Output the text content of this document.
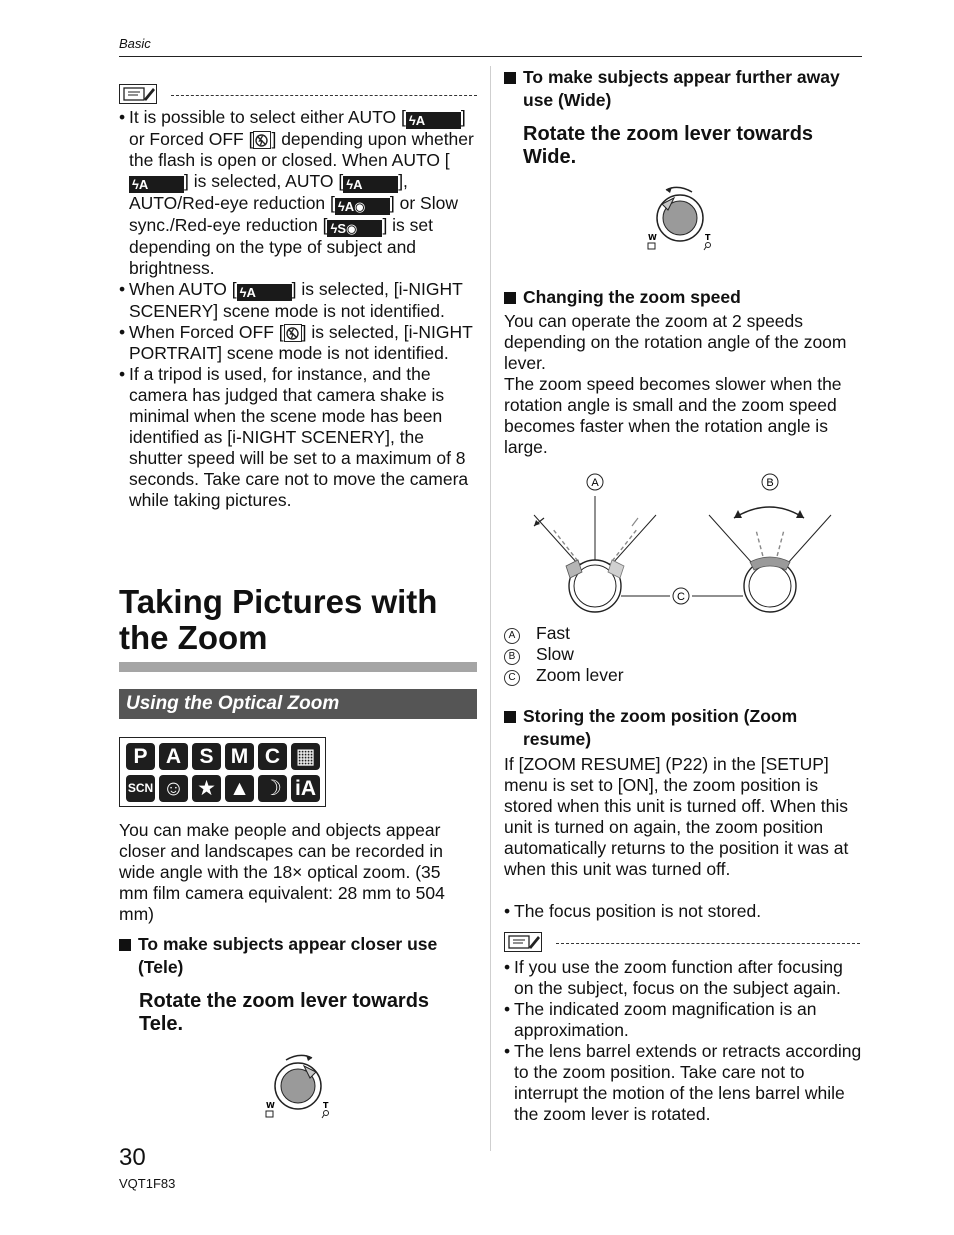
Basic
• It is possible to select either AUTO [ ϟA ] or Forced OFF [ ] depending upon whether the flash is open or closed. When AUTO [ϟA ] is selected, AUTO [ ϟA ], AUTO/Red-eye reduction [ ϟA◉ ] or Slow sync./Red-eye reduction [ ϟS◉ ] is set depending on the type of subject and brightness.
• When AUTO [ ϟA ] is selected, [i-NIGHT SCENERY] scene mode is not identified.
• When Forced OFF [ ] is selected, [i-NIGHT PORTRAIT] scene mode is not identified.
• If a tripod is used, for instance, and the camera has judged that camera shake is minimal when the scene mode has been identified as [i-NIGHT SCENERY], the shutter speed will be set to a maximum of 8 seconds. Take care not to move the camera while taking pictures.
Taking Pictures with
the Zoom
Using the Optical Zoom
P A S M C ▦
SCN ☺ ★ ▲ ☽ iA
You can make people and objects appear closer and landscapes can be recorded in wide angle with the 18× optical zoom. (35 mm film camera equivalent: 28 mm to 504 mm)
To make subjects appear closer use (Tele)
Rotate the zoom lever towards Tele.
W	T
To make subjects appear further away use (Wide)
Rotate the zoom lever towards Wide.
W	T
Changing the zoom speed
You can operate the zoom at 2 speeds depending on the rotation angle of the zoom lever.
The zoom speed becomes slower when the rotation angle is small and the zoom speed becomes faster when the rotation angle is large.
A
C
B
A Fast
B Slow
C Zoom lever
Storing the zoom position (Zoom resume)
If [ZOOM RESUME] (P22) in the [SETUP] menu is set to [ON], the zoom position is stored when this unit is turned off. When this unit is turned on again, the zoom position automatically returns to the position it was at when this unit was turned off.
• The focus position is not stored.
• If you use the zoom function after focusing on the subject, focus on the subject again.
• The indicated zoom magnification is an approximation.
• The lens barrel extends or retracts according to the zoom position. Take care not to interrupt the motion of the lens barrel while the zoom lever is rotated.
30
VQT1F83
